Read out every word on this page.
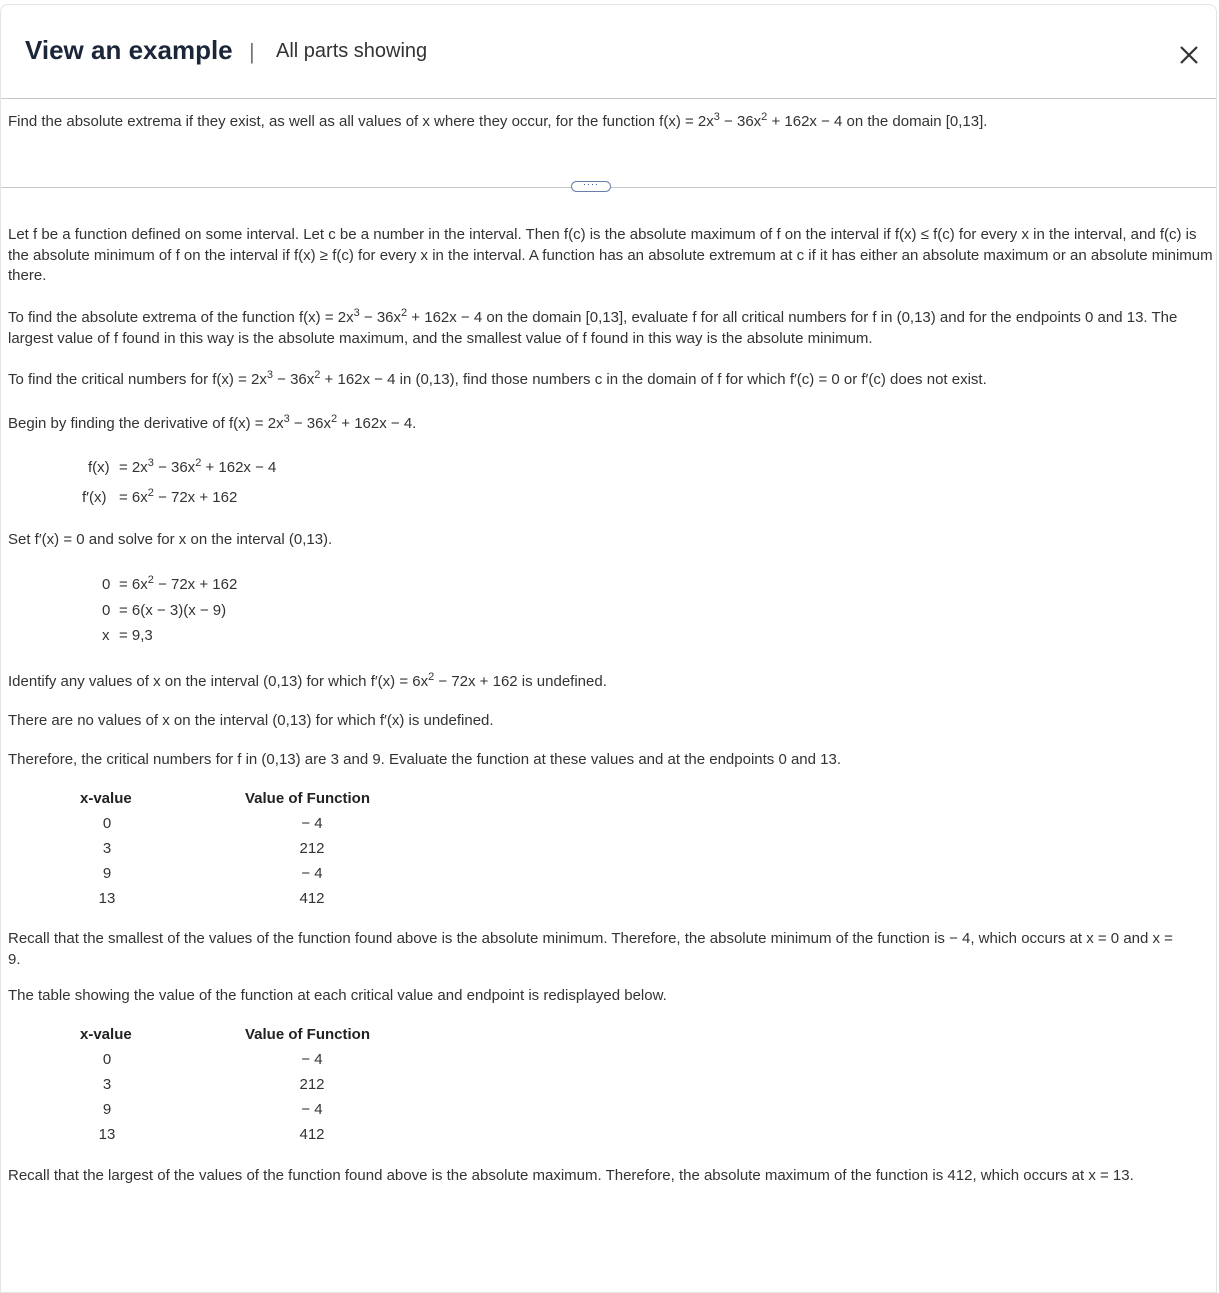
View an example | All parts showing
Find the absolute extrema if they exist, as well as all values of x where they occur, for the function $f(x) = 2x^3 - 36x^2 + 162x - 4$ on the domain [0,13].
····
Let f be a function defined on some interval. Let c be a number in the interval. Then f(c) is the absolute maximum of f on the interval if f(x) ≤ f(c) for every x in the interval, and f(c) is the absolute minimum of f on the interval if f(x) ≥ f(c) for every x in the interval. A function has an absolute extremum at c if it has either an absolute maximum or an absolute minimum there.
To find the absolute extrema of the function $f(x) = 2x^3 - 36x^2 + 162x - 4$ on the domain [0,13], evaluate f for all critical numbers for f in (0,13) and for the endpoints 0 and 13. The largest value of f found in this way is the absolute maximum, and the smallest value of f found in this way is the absolute minimum.
To find the critical numbers for $f(x) = 2x^3 - 36x^2 + 162x - 4$ in (0,13), find those numbers c in the domain of f for which f′(c) = 0 or f′(c) does not exist.
Begin by finding the derivative of $f(x) = 2x^3 - 36x^2 + 162x - 4$.
$f(x) = 2x^3 - 36x^2 + 162x - 4$
$f'(x) = 6x^2 - 72x + 162$
Set f′(x) = 0 and solve for x on the interval (0,13).
$0 = 6x^2 - 72x + 162$
0 = 6(x − 3)(x − 9)
x = 9,3
Identify any values of x on the interval (0,13) for which $f'(x) = 6x^2 - 72x + 162$ is undefined.
There are no values of x on the interval (0,13) for which f′(x) is undefined.
Therefore, the critical numbers for f in (0,13) are 3 and 9. Evaluate the function at these values and at the endpoints 0 and 13.
x-value	Value of Function
0	− 4
3	212
9	− 4
13	412
Recall that the smallest of the values of the function found above is the absolute minimum. Therefore, the absolute minimum of the function is − 4, which occurs at x = 0 and x = 9.
The table showing the value of the function at each critical value and endpoint is redisplayed below.
x-value	Value of Function
0	− 4
3	212
9	− 4
13	412
Recall that the largest of the values of the function found above is the absolute maximum. Therefore, the absolute maximum of the function is 412, which occurs at x = 13.
